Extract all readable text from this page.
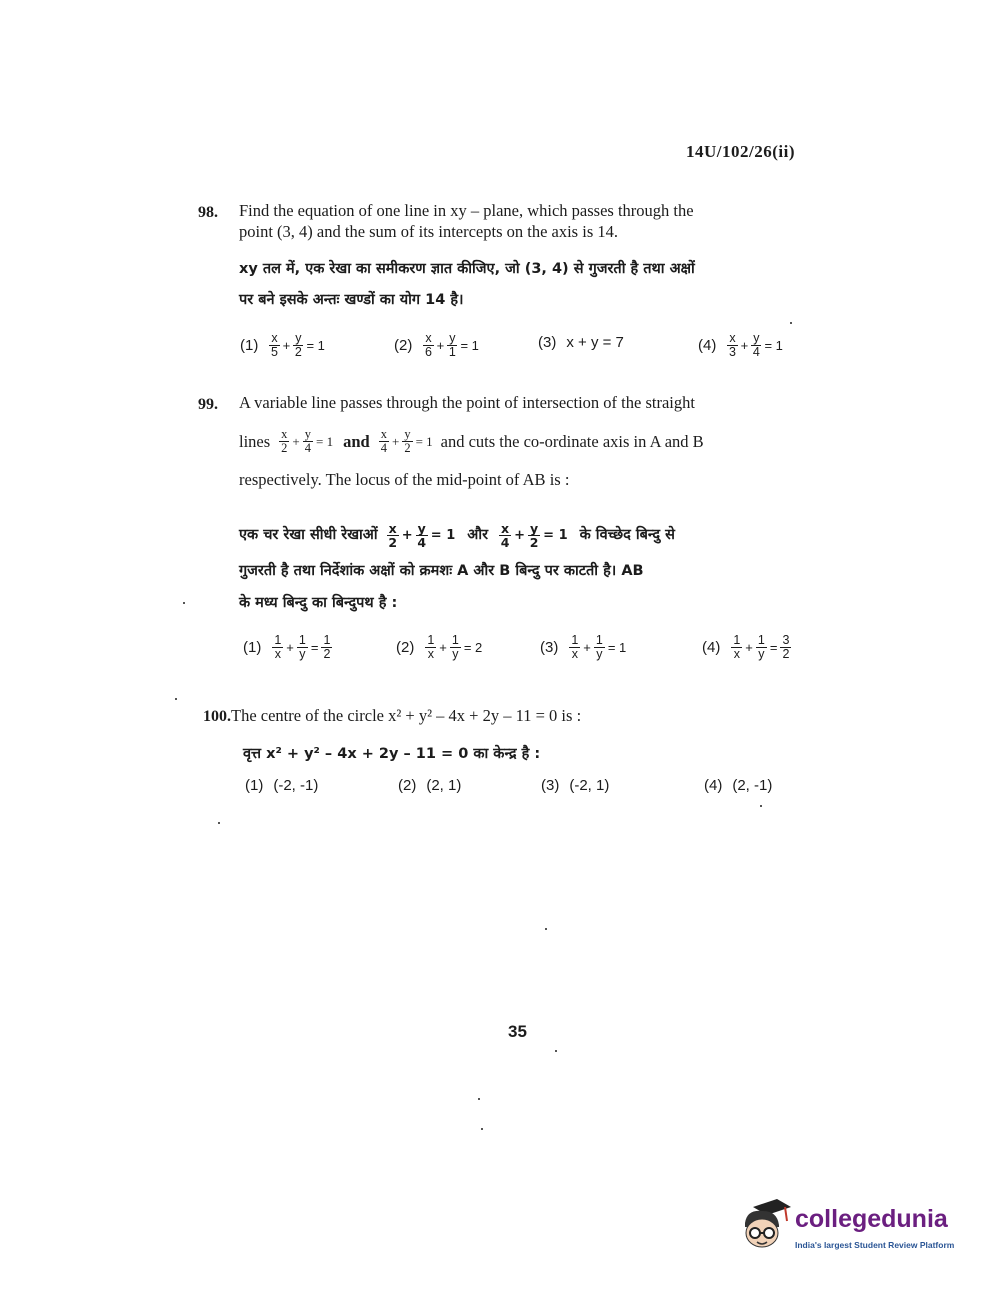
14U/102/26(ii)
98. Find the equation of one line in xy – plane, which passes through the
point (3, 4) and the sum of its intercepts on the axis is 14.
xy तल में, एक रेखा का समीकरण ज्ञात कीजिए, जो (3, 4) से गुजरती है तथा अक्षों
पर बने इसके अन्तः खण्डों का योग 14 है।
$(1) \frac{x}{5} + \frac{y}{2} = 1$	$(2) \frac{x}{6} + \frac{y}{1} = 1$	(3) x + y = 7	$(4) \frac{x}{3} + \frac{y}{4} = 1$
99. A variable line passes through the point of intersection of the straight
lines $\frac{x}{2} + \frac{y}{4} = 1$ and $\frac{x}{4} + \frac{y}{2} = 1$ and cuts the co-ordinate axis in A and B
respectively. The locus of the mid-point of AB is :
एक चर रेखा सीधी रेखाओं $\frac{x}{2} + \frac{y}{4} = 1$ और $\frac{x}{4} + \frac{y}{2} = 1$ के विच्छेद बिन्दु से
गुजरती है तथा निर्देशांक अक्षों को क्रमशः A और B बिन्दु पर काटती है। AB
के मध्य बिन्दु का बिन्दुपथ है :
$(1) \frac{1}{x} + \frac{1}{y} = \frac{1}{2}$	$(2) \frac{1}{x} + \frac{1}{y} = 2$	$(3) \frac{1}{x} + \frac{1}{y} = 1$	$(4) \frac{1}{x} + \frac{1}{y} = \frac{3}{2}$
100.The centre of the circle x² + y² – 4x + 2y – 11 = 0 is :
वृत्त x² + y² – 4x + 2y – 11 = 0 का केन्द्र है :
(1) (-2, -1)	(2) (2, 1)	(3) (-2, 1)	(4) (2, -1)
35
collegedunia
India's largest Student Review Platform
